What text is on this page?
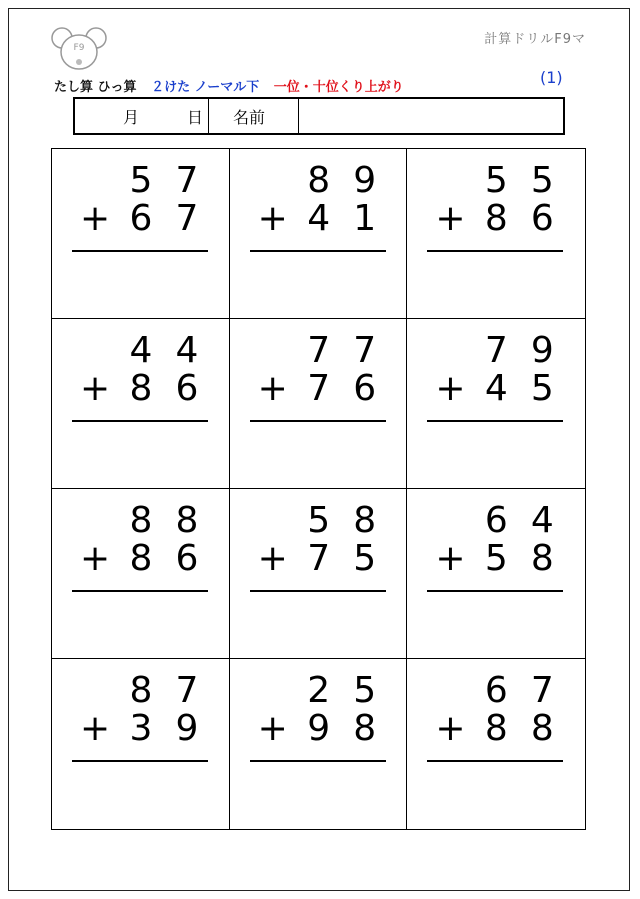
F9
計算ドリルF9マ
たし算 ひっ算 ２けた ノーマル下 一位・十位くり上がり
(1)
月	日	名前
5 7
+ 6 7
8 9
+ 4 1
5 5
+ 8 6
4 4
+ 8 6
7 7
+ 7 6
7 9
+ 4 5
8 8
+ 8 6
5 8
+ 7 5
6 4
+ 5 8
8 7
+ 3 9
2 5
+ 9 8
6 7
+ 8 8
